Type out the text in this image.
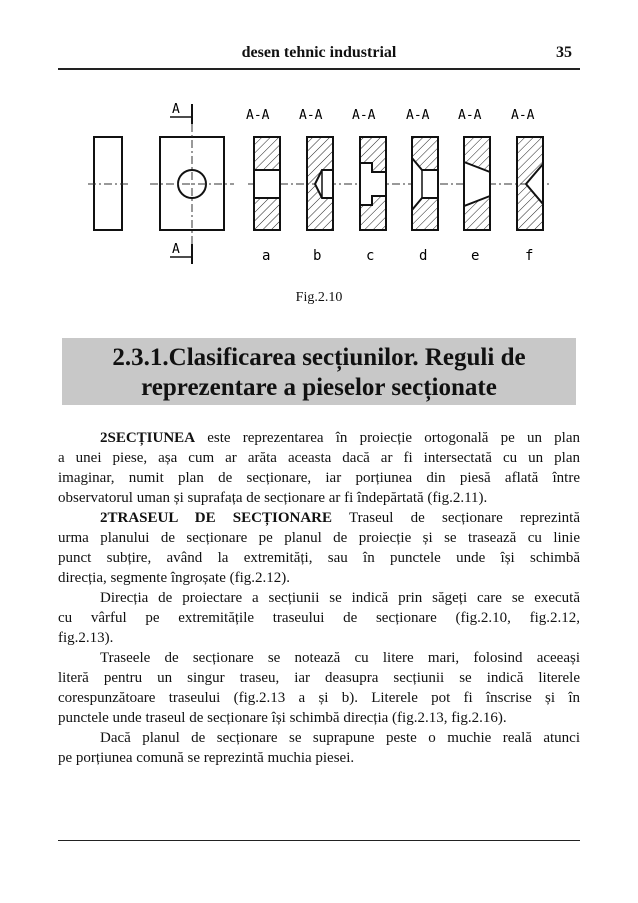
desen tehnic industrial	35
A
A
A-A A-A A-A A-A A-A A-A
a	b	c	d	e	f
Fig.2.10
2.3.1.Clasificarea secțiunilor. Reguli de
reprezentare a pieselor secționate
2SECȚIUNEA este reprezentarea în proiecție ortogonală pe un plan
a unei piese, așa cum ar arăta aceasta dacă ar fi intersectată cu un plan
imaginar, numit plan de secționare, iar porțiunea din piesă aflată între
observatorul uman și suprafața de secționare ar fi îndepărtată (fig.2.11).
2TRASEUL DE SECȚIONARE Traseul de secționare reprezintă
urma planului de secționare pe planul de proiecție și se trasează cu linie
punct subțire, având la extremități, sau în punctele unde își schimbă
direcția, segmente îngroșate (fig.2.12).
Direcția de proiectare a secțiunii se indică prin săgeți care se execută
cu vârful pe extremitățile traseului de secționare (fig.2.10, fig.2.12,
fig.2.13).
Traseele de secționare se notează cu litere mari, folosind aceeași
literă pentru un singur traseu, iar deasupra secțiunii se indică literele
corespunzătoare traseului (fig.2.13 a și b). Literele pot fi înscrise și în
punctele unde traseul de secționare își schimbă direcția (fig.2.13, fig.2.16).
Dacă planul de secționare se suprapune peste o muchie reală atunci
pe porțiunea comună se reprezintă muchia piesei.
